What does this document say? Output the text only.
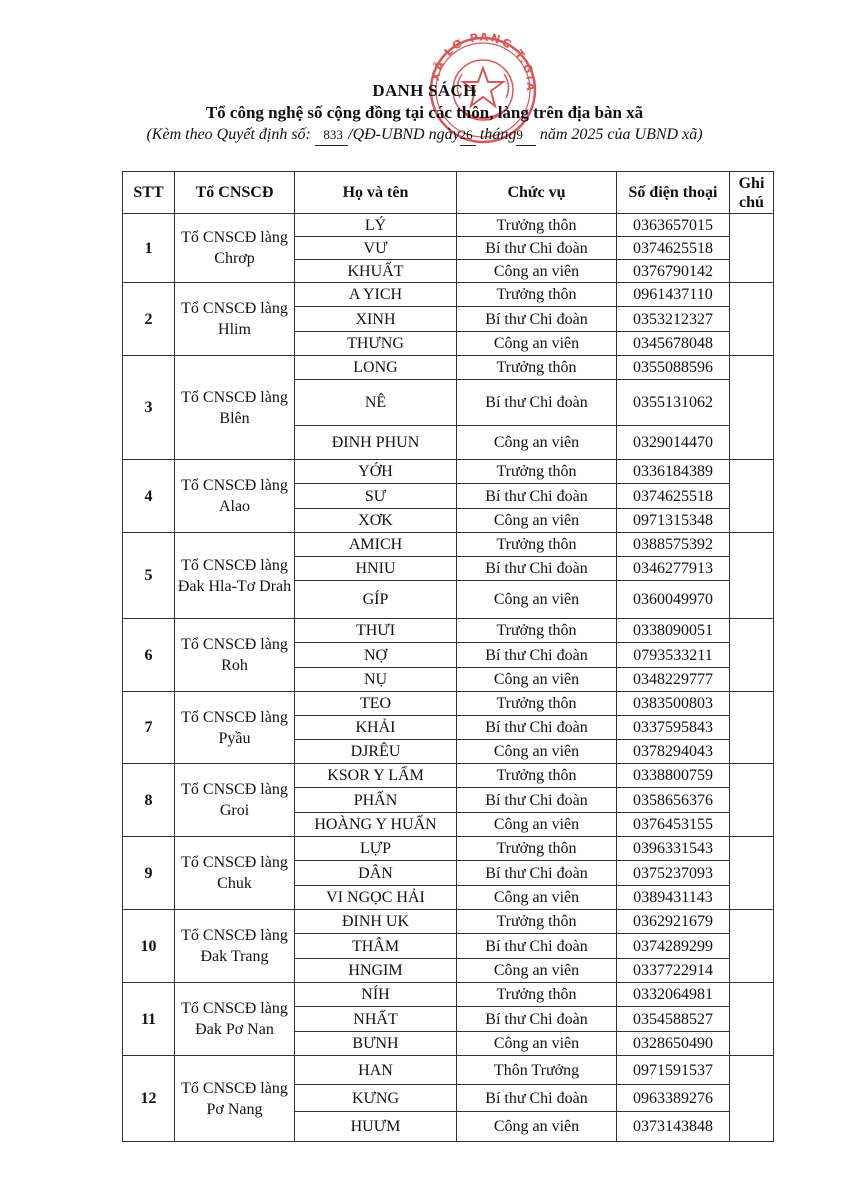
XÃ LƠ PANG T.GIA
DANH SÁCH
Tổ công nghệ số cộng đồng tại các thôn, làng trên địa bàn xã
(Kèm theo Quyết định số: 833 /QĐ-UBND ngày26 tháng9 năm 2025 của UBND xã)
STT	Tổ CNSCĐ	Họ và tên	Chức vụ	Số điện thoại	Ghi chú
1	Tổ CNSCĐ làng Chrơp	LÝ	Trưởng thôn	0363657015	
		VƯ	Bí thư Chi đoàn	0374625518	
		KHUẤT	Công an viên	0376790142	
2	Tổ CNSCĐ làng Hlim	A YICH	Trưởng thôn	0961437110	
		XINH	Bí thư Chi đoàn	0353212327	
		THƯNG	Công an viên	0345678048	
3	Tổ CNSCĐ làng Blên	LONG	Trưởng thôn	0355088596	
		NÊ	Bí thư Chi đoàn	0355131062	
		ĐINH PHUN	Công an viên	0329014470	
4	Tổ CNSCĐ làng Alao	YỚH	Trưởng thôn	0336184389	
		SƯ	Bí thư Chi đoàn	0374625518	
		XƠK	Công an viên	0971315348	
5	Tổ CNSCĐ làng Đak Hla-Tơ Drah	AMICH	Trưởng thôn	0388575392	
		HNIU	Bí thư Chi đoàn	0346277913	
		GÍP	Công an viên	0360049970	
6	Tổ CNSCĐ làng Roh	THƯI	Trưởng thôn	0338090051	
		NỢ	Bí thư Chi đoàn	0793533211	
		NỤ	Công an viên	0348229777	
7	Tổ CNSCĐ làng Pyầu	TEO	Trưởng thôn	0383500803	
		KHẢI	Bí thư Chi đoàn	0337595843	
		DJRÊU	Công an viên	0378294043	
8	Tổ CNSCĐ làng Groi	KSOR Y LẨM	Trưởng thôn	0338800759	
		PHẤN	Bí thư Chi đoàn	0358656376	
		HOÀNG Y HUẤN	Công an viên	0376453155	
9	Tổ CNSCĐ làng Chuk	LỰP	Trưởng thôn	0396331543	
		DÂN	Bí thư Chi đoàn	0375237093	
		VI NGỌC HẢI	Công an viên	0389431143	
10	Tổ CNSCĐ làng Đak Trang	ĐINH UK	Trưởng thôn	0362921679	
		THÂM	Bí thư Chi đoàn	0374289299	
		HNGIM	Công an viên	0337722914	
11	Tổ CNSCĐ làng Đak Pơ Nan	NÍH	Trưởng thôn	0332064981	
		NHẤT	Bí thư Chi đoàn	0354588527	
		BƯNH	Công an viên	0328650490	
12	Tổ CNSCĐ làng Pơ Nang	HAN	Thôn Trưởng	0971591537	
		KƯNG	Bí thư Chi đoàn	0963389276	
		HUƯM	Công an viên	0373143848	
